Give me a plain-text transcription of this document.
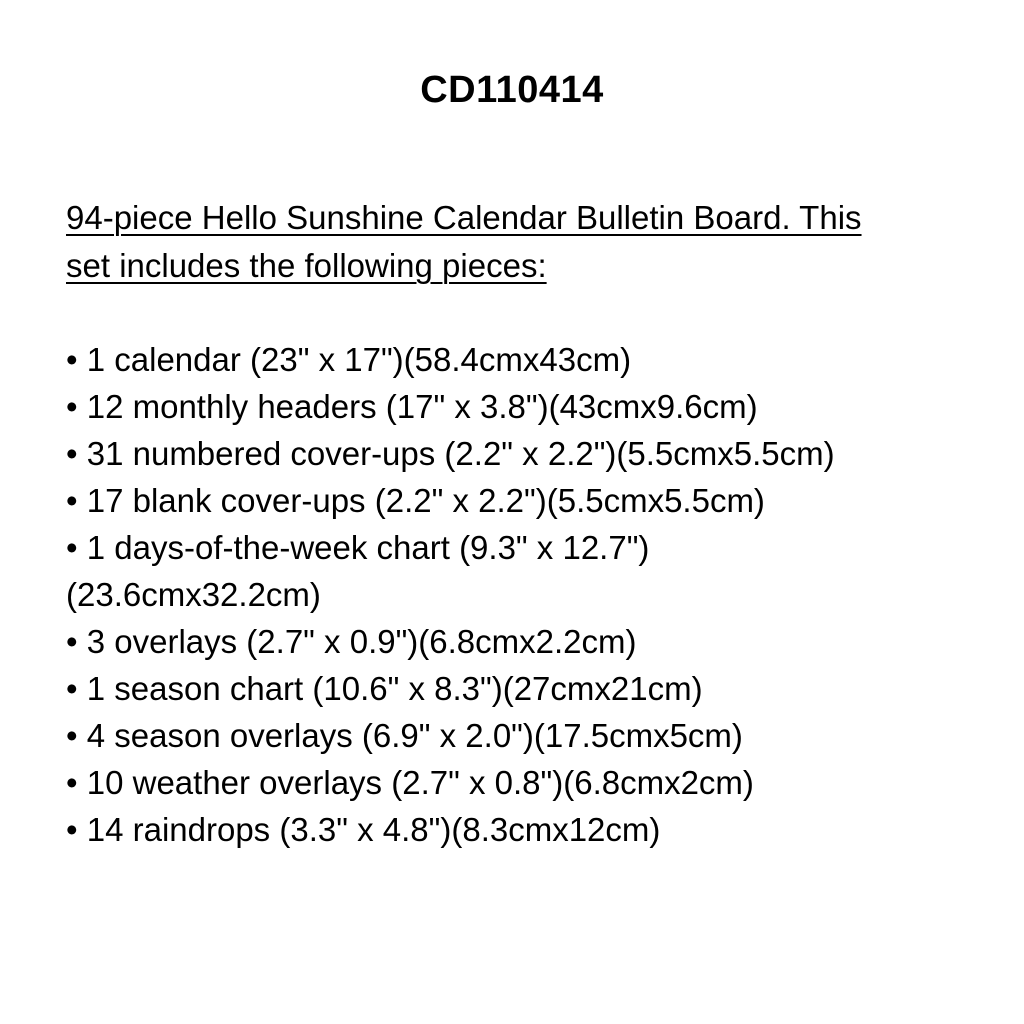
CD110414
94-piece Hello Sunshine Calendar Bulletin Board. This
set includes the following pieces:
• 1 calendar (23" x 17")(58.4cmx43cm)
• 12 monthly headers (17" x 3.8")(43cmx9.6cm)
• 31 numbered cover-ups (2.2" x 2.2")(5.5cmx5.5cm)
• 17 blank cover-ups (2.2" x 2.2")(5.5cmx5.5cm)
• 1 days-of-the-week chart (9.3" x 12.7")
(23.6cmx32.2cm)
• 3 overlays (2.7" x 0.9")(6.8cmx2.2cm)
• 1 season chart (10.6" x 8.3")(27cmx21cm)
• 4 season overlays (6.9" x 2.0")(17.5cmx5cm)
• 10 weather overlays (2.7" x 0.8")(6.8cmx2cm)
• 14 raindrops (3.3" x 4.8")(8.3cmx12cm)
